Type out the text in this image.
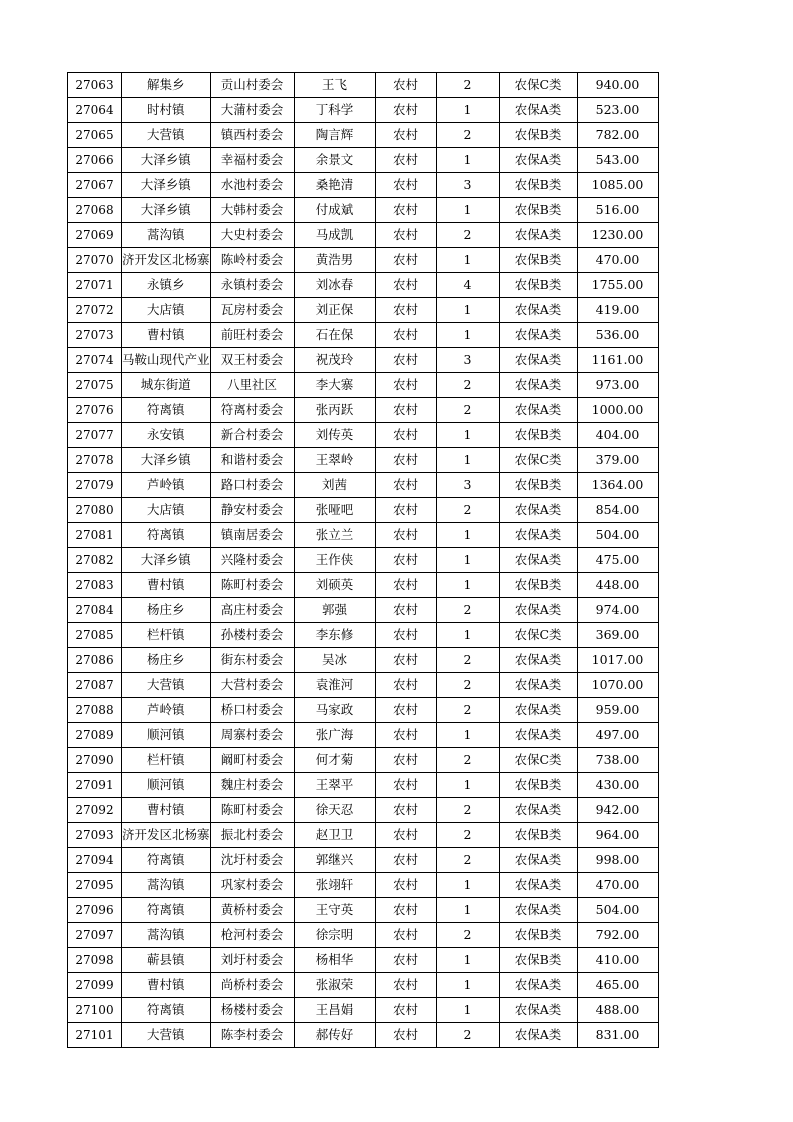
27063	解集乡	贡山村委会	王飞	农村	2	农保C类	940.00
27064	时村镇	大蒲村委会	丁科学	农村	1	农保A类	523.00
27065	大营镇	镇西村委会	陶言辉	农村	2	农保B类	782.00
27066	大泽乡镇	幸福村委会	余景文	农村	1	农保A类	543.00
27067	大泽乡镇	水池村委会	桑艳清	农村	3	农保B类	1085.00
27068	大泽乡镇	大韩村委会	付成斌	农村	1	农保B类	516.00
27069	蒿沟镇	大史村委会	马成凯	农村	2	农保A类	1230.00
27070	济开发区北杨寨	陈岭村委会	黄浩男	农村	1	农保B类	470.00
27071	永镇乡	永镇村委会	刘冰春	农村	4	农保B类	1755.00
27072	大店镇	瓦房村委会	刘正保	农村	1	农保A类	419.00
27073	曹村镇	前旺村委会	石在保	农村	1	农保A类	536.00
27074	马鞍山现代产业	双王村委会	祝茂玲	农村	3	农保A类	1161.00
27075	城东街道	八里社区	李大寨	农村	2	农保A类	973.00
27076	符离镇	符离村委会	张丙跃	农村	2	农保A类	1000.00
27077	永安镇	新合村委会	刘传英	农村	1	农保B类	404.00
27078	大泽乡镇	和谐村委会	王翠岭	农村	1	农保C类	379.00
27079	芦岭镇	路口村委会	刘茜	农村	3	农保B类	1364.00
27080	大店镇	静安村委会	张哑吧	农村	2	农保A类	854.00
27081	符离镇	镇南居委会	张立兰	农村	1	农保A类	504.00
27082	大泽乡镇	兴隆村委会	王作侠	农村	1	农保A类	475.00
27083	曹村镇	陈町村委会	刘硕英	农村	1	农保B类	448.00
27084	杨庄乡	高庄村委会	郭强	农村	2	农保A类	974.00
27085	栏杆镇	孙楼村委会	李东修	农村	1	农保C类	369.00
27086	杨庄乡	街东村委会	吴冰	农村	2	农保A类	1017.00
27087	大营镇	大营村委会	袁淮河	农村	2	农保A类	1070.00
27088	芦岭镇	桥口村委会	马家政	农村	2	农保A类	959.00
27089	顺河镇	周寨村委会	张广海	农村	1	农保A类	497.00
27090	栏杆镇	阚町村委会	何才菊	农村	2	农保C类	738.00
27091	顺河镇	魏庄村委会	王翠平	农村	1	农保B类	430.00
27092	曹村镇	陈町村委会	徐天忍	农村	2	农保A类	942.00
27093	济开发区北杨寨	振北村委会	赵卫卫	农村	2	农保B类	964.00
27094	符离镇	沈圩村委会	郭继兴	农村	2	农保A类	998.00
27095	蒿沟镇	巩家村委会	张翊轩	农村	1	农保A类	470.00
27096	符离镇	黄桥村委会	王守英	农村	1	农保A类	504.00
27097	蒿沟镇	枪河村委会	徐宗明	农村	2	农保B类	792.00
27098	蕲县镇	刘圩村委会	杨相华	农村	1	农保B类	410.00
27099	曹村镇	尚桥村委会	张淑荣	农村	1	农保A类	465.00
27100	符离镇	杨楼村委会	王昌娟	农村	1	农保A类	488.00
27101	大营镇	陈李村委会	郝传好	农村	2	农保A类	831.00
